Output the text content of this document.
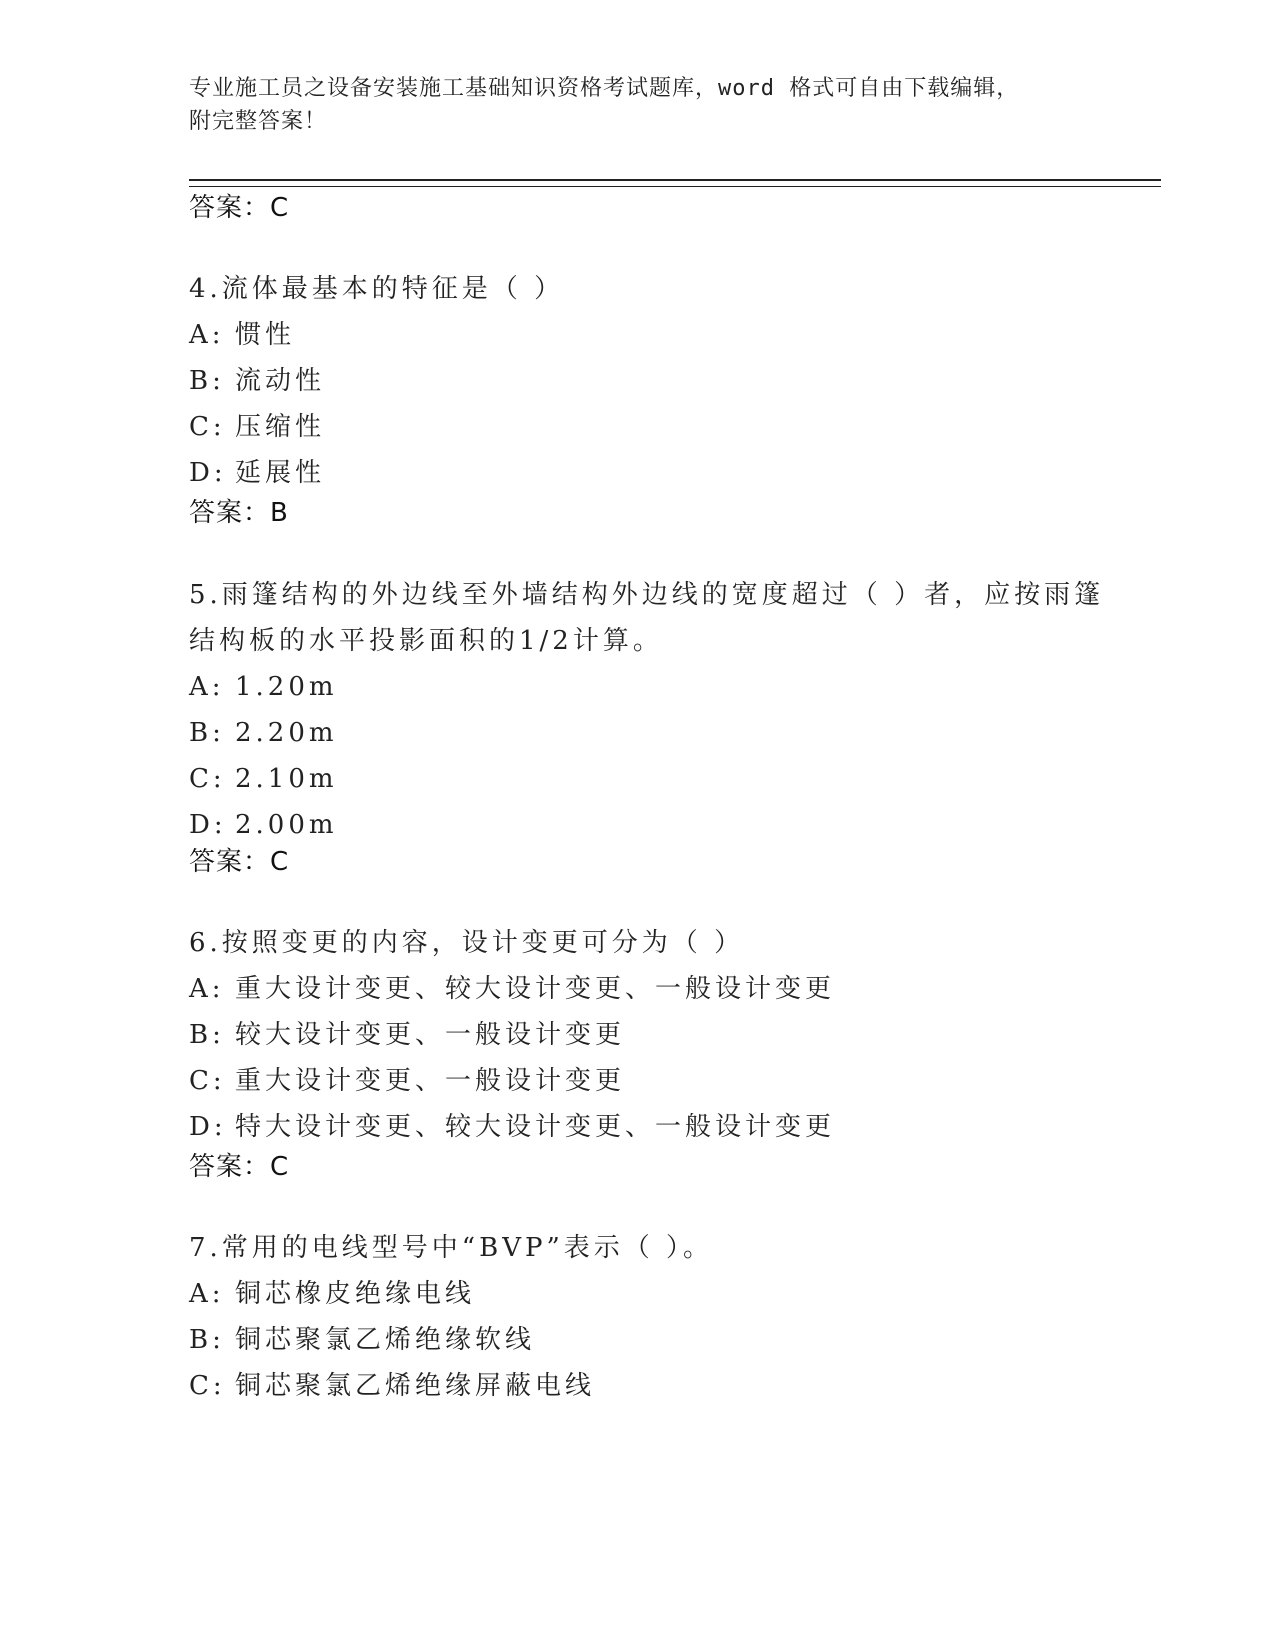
专业施工员之设备安装施工基础知识资格考试题库，word 格式可自由下载编辑，
附完整答案！
答案：C
4.流体最基本的特征是（ ）
A: 惯性
B: 流动性
C: 压缩性
D: 延展性
答案：B
5.雨篷结构的外边线至外墙结构外边线的宽度超过（ ）者，应按雨篷
结构板的水平投影面积的1/2计算。
A: 1.20m
B: 2.20m
C: 2.10m
D: 2.00m
答案：C
6.按照变更的内容，设计变更可分为（ ）
A: 重大设计变更、较大设计变更、一般设计变更
B: 较大设计变更、一般设计变更
C: 重大设计变更、一般设计变更
D: 特大设计变更、较大设计变更、一般设计变更
答案：C
7.常用的电线型号中“BVP”表示（ ）。
A: 铜芯橡皮绝缘电线
B: 铜芯聚氯乙烯绝缘软线
C: 铜芯聚氯乙烯绝缘屏蔽电线
